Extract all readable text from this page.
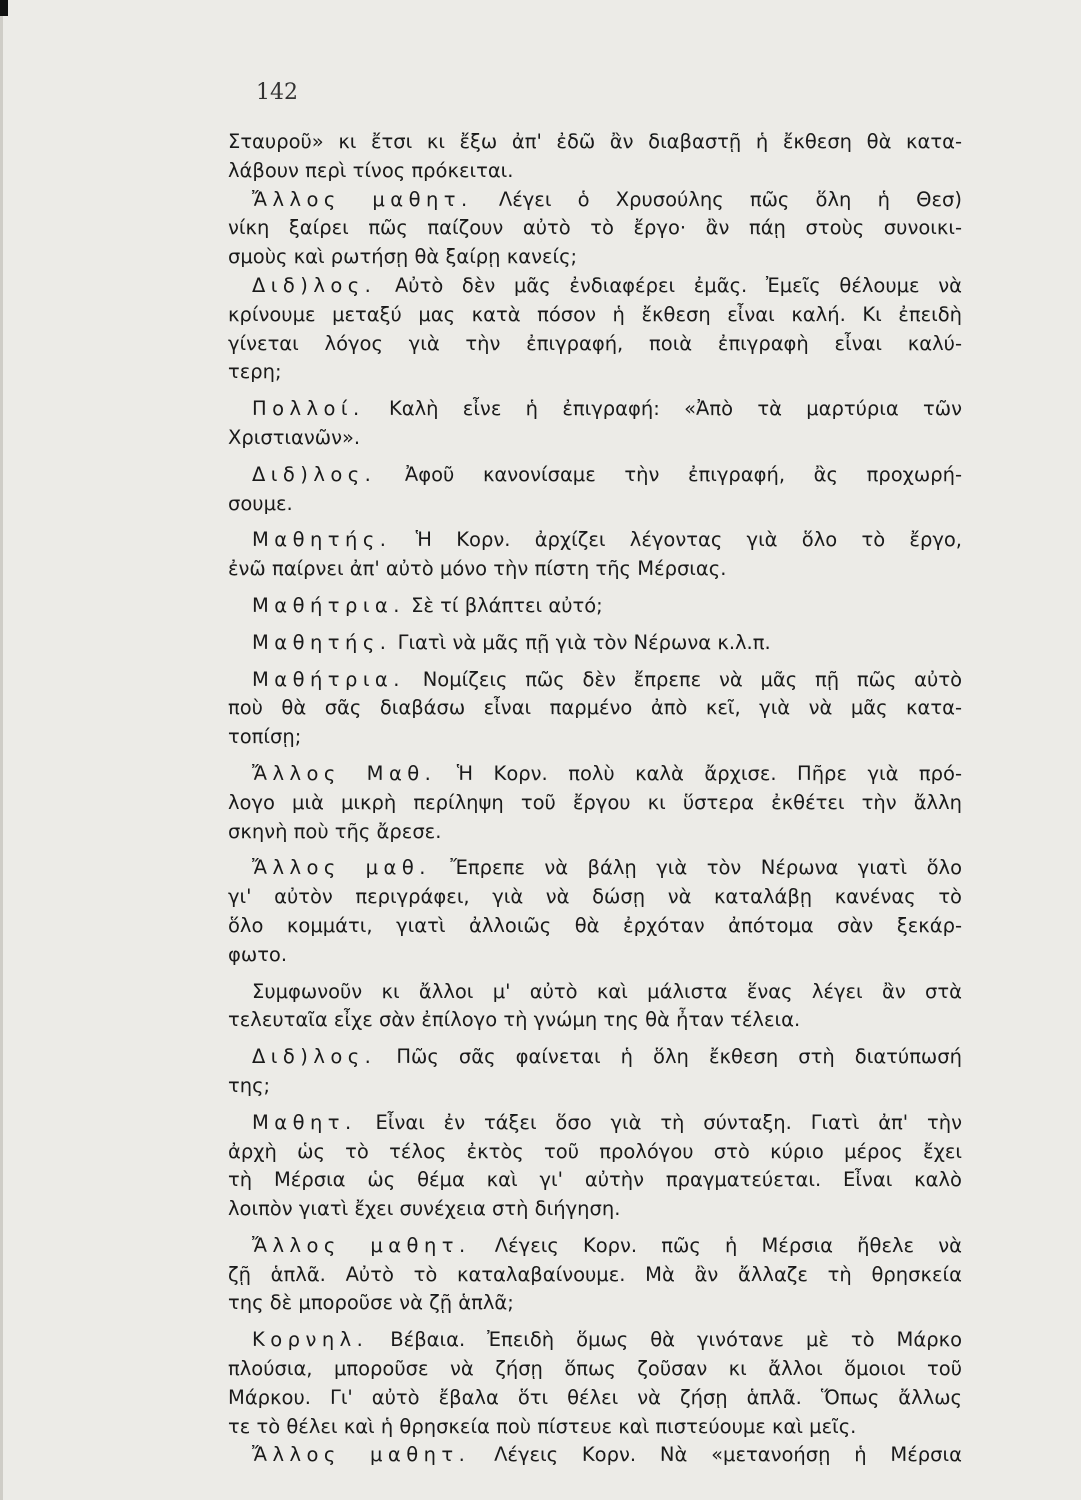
142
Σταυροῦ» κι ἔτσι κι ἔξω ἀπ' ἐδῶ ἂν διαβαστῇ ἡ ἔκθεση θὰ κατα-
λάβουν περὶ τίνος πρόκειται.
Ἄλλος μαθητ. Λέγει ὁ Χρυσούλης πῶς ὅλη ἡ Θεσ)
νίκη ξαίρει πῶς παίζουν αὐτὸ τὸ ἔργο· ἂν πάῃ στοὺς συνοικι-
σμοὺς καὶ ρωτήσῃ θὰ ξαίρῃ κανείς;
Διδ)λος. Αὐτὸ δὲν μᾶς ἐνδιαφέρει ἐμᾶς. Ἐμεῖς θέλουμε νὰ
κρίνουμε μεταξύ μας κατὰ πόσον ἡ ἔκθεση εἶναι καλή. Κι ἐπειδὴ
γίνεται λόγος γιὰ τὴν ἐπιγραφή, ποιὰ ἐπιγραφὴ εἶναι καλύ-
τερη;
Πολλοί. Καλὴ εἶνε ἡ ἐπιγραφή: «Ἀπὸ τὰ μαρτύρια τῶν
Χριστιανῶν».
Διδ)λος. Ἀφοῦ κανονίσαμε τὴν ἐπιγραφή, ἂς προχωρή-
σουμε.
Μαθητής. Ἡ Κορν. ἀρχίζει λέγοντας γιὰ ὅλο τὸ ἔργο,
ἐνῶ παίρνει ἀπ' αὐτὸ μόνο τὴν πίστη τῆς Μέρσιας.
Μαθήτρια. Σὲ τί βλάπτει αὐτό;
Μαθητής. Γιατὶ νὰ μᾶς πῇ γιὰ τὸν Νέρωνα κ.λ.π.
Μαθήτρια. Νομίζεις πῶς δὲν ἔπρεπε νὰ μᾶς πῇ πῶς αὐτὸ
ποὺ θὰ σᾶς διαβάσω εἶναι παρμένο ἀπὸ κεῖ, γιὰ νὰ μᾶς κατα-
τοπίσῃ;
Ἄλλος Μαθ. Ἡ Κορν. πολὺ καλὰ ἄρχισε. Πῆρε γιὰ πρό-
λογο μιὰ μικρὴ περίληψη τοῦ ἔργου κι ὕστερα ἐκθέτει τὴν ἄλλη
σκηνὴ ποὺ τῆς ἄρεσε.
Ἄλλος μαθ. Ἔπρεπε νὰ βάλῃ γιὰ τὸν Νέρωνα γιατὶ ὅλο
γι' αὐτὸν περιγράφει, γιὰ νὰ δώσῃ νὰ καταλάβῃ κανένας τὸ
ὅλο κομμάτι, γιατὶ ἀλλοιῶς θὰ ἐρχόταν ἀπότομα σὰν ξεκάρ-
φωτο.
Συμφωνοῦν κι ἄλλοι μ' αὐτὸ καὶ μάλιστα ἕνας λέγει ἂν στὰ
τελευταῖα εἶχε σὰν ἐπίλογο τὴ γνώμη της θὰ ἦταν τέλεια.
Διδ)λος. Πῶς σᾶς φαίνεται ἡ ὅλη ἔκθεση στὴ διατύπωσή
της;
Μαθητ. Εἶναι ἐν τάξει ὅσο γιὰ τὴ σύνταξη. Γιατὶ ἀπ' τὴν
ἀρχὴ ὡς τὸ τέλος ἐκτὸς τοῦ προλόγου στὸ κύριο μέρος ἔχει
τὴ Μέρσια ὡς θέμα καὶ γι' αὐτὴν πραγματεύεται. Εἶναι καλὸ
λοιπὸν γιατὶ ἔχει συνέχεια στὴ διήγηση.
Ἄλλος μαθητ. Λέγεις Κορν. πῶς ἡ Μέρσια ἤθελε νὰ
ζῇ ἁπλᾶ. Αὐτὸ τὸ καταλαβαίνουμε. Μὰ ἂν ἄλλαζε τὴ θρησκεία
της δὲ μποροῦσε νὰ ζῇ ἁπλᾶ;
Κορνηλ. Βέβαια. Ἐπειδὴ ὅμως θὰ γινότανε μὲ τὸ Μάρκο
πλούσια, μποροῦσε νὰ ζήσῃ ὅπως ζοῦσαν κι ἄλλοι ὅμοιοι τοῦ
Μάρκου. Γι' αὐτὸ ἔβαλα ὅτι θέλει νὰ ζήσῃ ἁπλᾶ. Ὅπως ἄλλως
τε τὸ θέλει καὶ ἡ θρησκεία ποὺ πίστευε καὶ πιστεύουμε καὶ μεῖς.
Ἄλλος μαθητ. Λέγεις Κορν. Νὰ «μετανοήσῃ ἡ Μέρσια
